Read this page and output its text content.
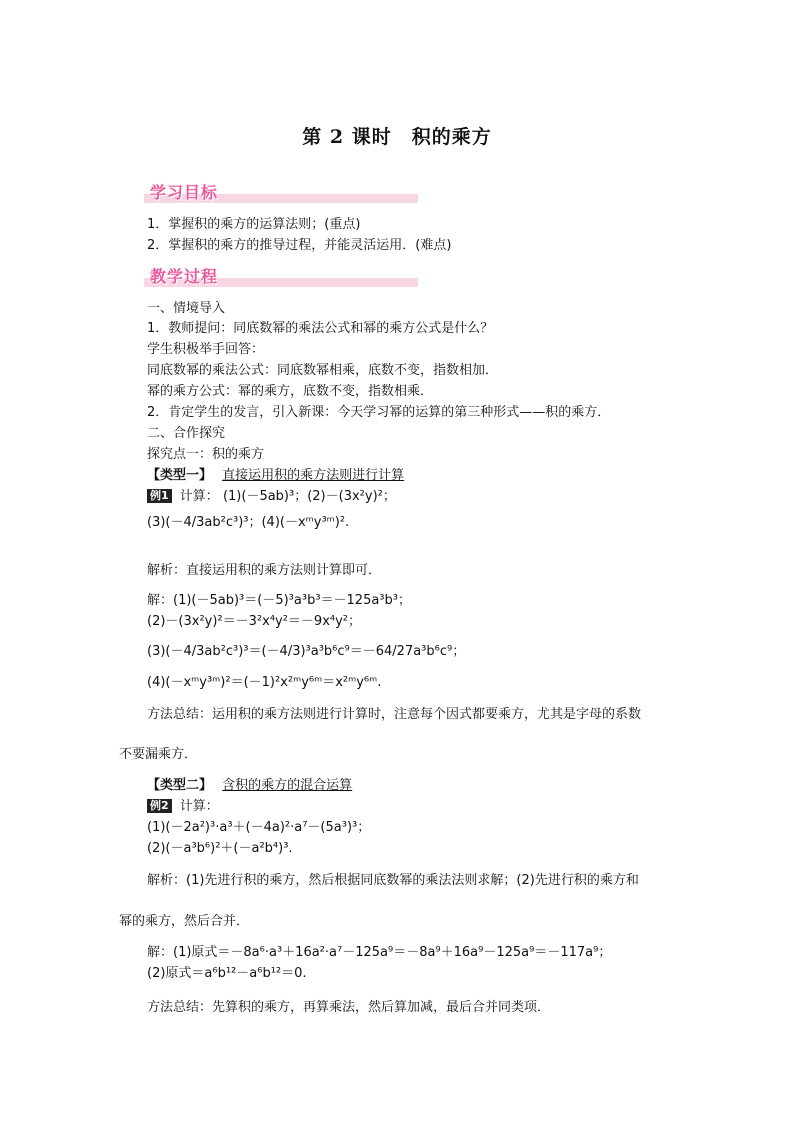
第 2 课时　积的乘方
学习目标
1．掌握积的乘方的运算法则；(重点)
2．掌握积的乘方的推导过程，并能灵活运用．(难点)
教学过程
一、情境导入
1．教师提问：同底数幂的乘法公式和幂的乘方公式是什么？
学生积极举手回答：
同底数幂的乘法公式：同底数幂相乘，底数不变，指数相加．
幂的乘方公式：幂的乘方，底数不变，指数相乘．
2．肯定学生的发言，引入新课：今天学习幂的运算的第三种形式——积的乘方．
二、合作探究
探究点一：积的乘方
【类型一】 直接运用积的乘方法则进行计算
例1 计算： (1)(－5ab)³；(2)－(3x²y)²；
(3)(－4/3ab²c³)³；(4)(－xᵐy³ᵐ)².
解析：直接运用积的乘方法则计算即可．
解：(1)(－5ab)³＝(－5)³a³b³＝－125a³b³；
(2)－(3x²y)²＝－3²x⁴y²＝－9x⁴y²；
(3)(－4/3ab²c³)³＝(－4/3)³a³b⁶c⁹＝－64/27a³b⁶c⁹；
(4)(－xᵐy³ᵐ)²＝(－1)²x²ᵐy⁶ᵐ＝x²ᵐy⁶ᵐ.
方法总结：运用积的乘方法则进行计算时，注意每个因式都要乘方，尤其是字母的系数
不要漏乘方．
【类型二】 含积的乘方的混合运算
例2 计算：
(1)(－2a²)³·a³＋(－4a)²·a⁷－(5a³)³；
(2)(－a³b⁶)²＋(－a²b⁴)³.
解析：(1)先进行积的乘方，然后根据同底数幂的乘法法则求解；(2)先进行积的乘方和
幂的乘方，然后合并．
解：(1)原式＝－8a⁶·a³＋16a²·a⁷－125a⁹＝－8a⁹＋16a⁹－125a⁹＝－117a⁹；
(2)原式＝a⁶b¹²－a⁶b¹²＝0.
方法总结：先算积的乘方，再算乘法，然后算加减，最后合并同类项．
